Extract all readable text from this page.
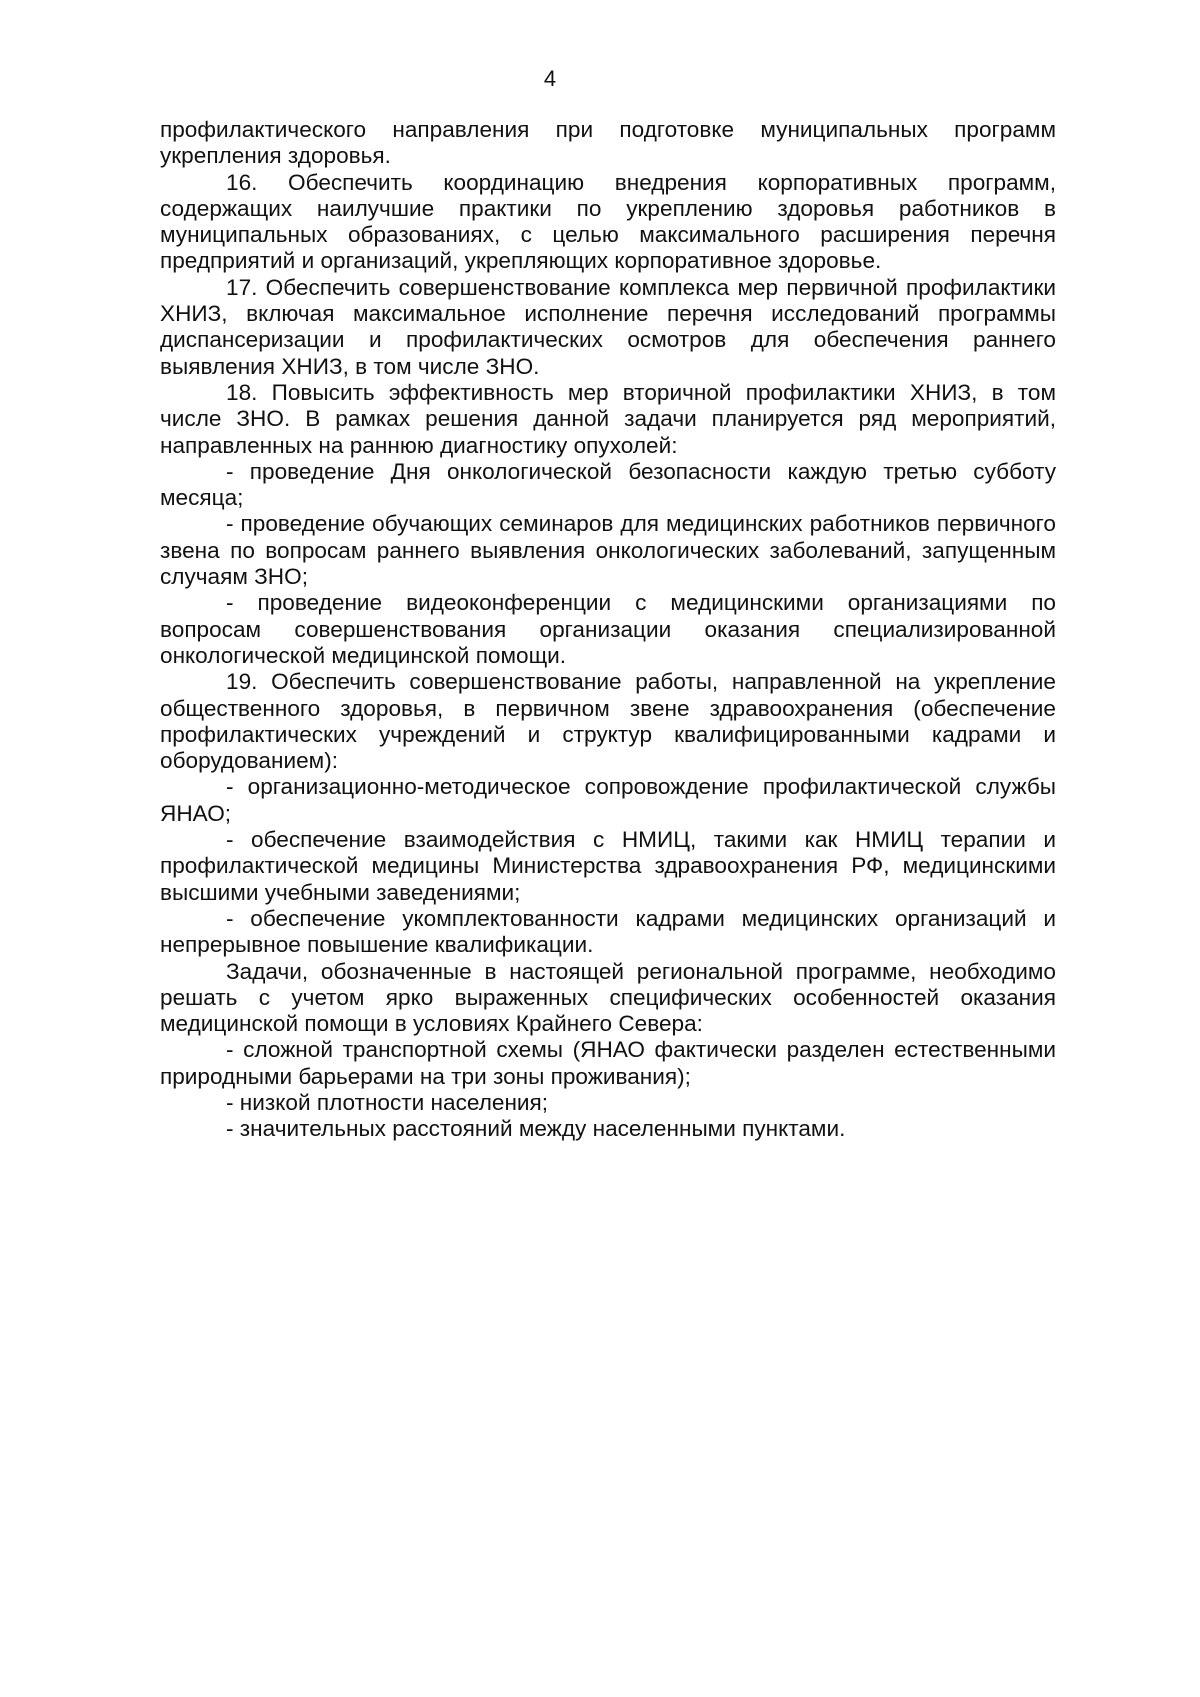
4

профилактического направления при подготовке муниципальных программ укрепления здоровья.

16. Обеспечить координацию внедрения корпоративных программ, содержащих наилучшие практики по укреплению здоровья работников в муниципальных образованиях, с целью максимального расширения перечня предприятий и организаций, укрепляющих корпоративное здоровье.

17. Обеспечить совершенствование комплекса мер первичной профилактики ХНИЗ, включая максимальное исполнение перечня исследований программы диспансеризации и профилактических осмотров для обеспечения раннего выявления ХНИЗ, в том числе ЗНО.

18. Повысить эффективность мер вторичной профилактики ХНИЗ, в том числе ЗНО. В рамках решения данной задачи планируется ряд мероприятий, направленных на раннюю диагностику опухолей:

- проведение Дня онкологической безопасности каждую третью субботу месяца;

- проведение обучающих семинаров для медицинских работников первичного звена по вопросам раннего выявления онкологических заболеваний, запущенным случаям ЗНО;

- проведение видеоконференции с медицинскими организациями по вопросам совершенствования организации оказания специализированной онкологической медицинской помощи.

19. Обеспечить совершенствование работы, направленной на укрепление общественного здоровья, в первичном звене здравоохранения (обеспечение профилактических учреждений и структур квалифицированными кадрами и оборудованием):

- организационно-методическое сопровождение профилактической службы ЯНАО;

- обеспечение взаимодействия с НМИЦ, такими как НМИЦ терапии и профилактической медицины Министерства здравоохранения РФ, медицинскими высшими учебными заведениями;

- обеспечение укомплектованности кадрами медицинских организаций и непрерывное повышение квалификации.

Задачи, обозначенные в настоящей региональной программе, необходимо решать с учетом ярко выраженных специфических особенностей оказания медицинской помощи в условиях Крайнего Севера:

- сложной транспортной схемы (ЯНАО фактически разделен естественными природными барьерами на три зоны проживания);

- низкой плотности населения;

- значительных расстояний между населенными пунктами.
